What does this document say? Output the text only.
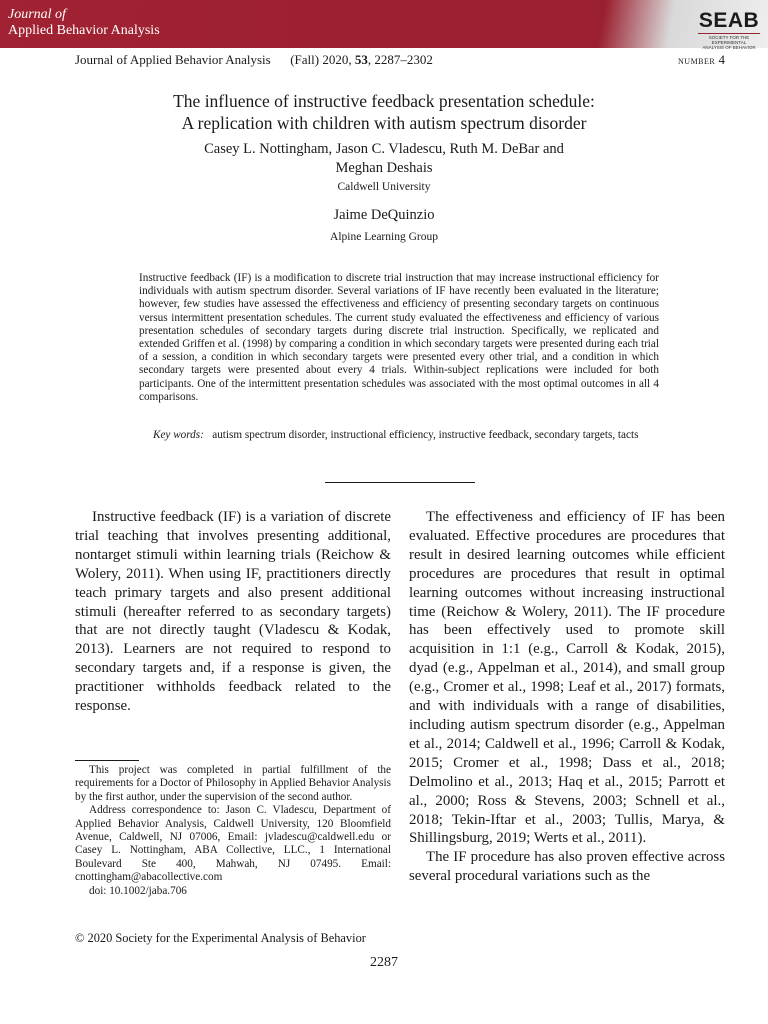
Journal of
Applied Behavior Analysis	SEAB
SOCIETY FOR THE EXPERIMENTAL
ANALYSIS OF BEHAVIOR
Journal of Applied Behavior Analysis (Fall) 2020, 53, 2287–2302	number 4
The influence of instructive feedback presentation schedule:
A replication with children with autism spectrum disorder
Casey L. Nottingham, Jason C. Vladescu, Ruth M. DeBar and
Meghan Deshais
Caldwell University
Jaime DeQuinzio
Alpine Learning Group
Instructive feedback (IF) is a modification to discrete trial instruction that may increase instructional efficiency for individuals with autism spectrum disorder. Several variations of IF have recently been evaluated in the literature; however, few studies have assessed the effectiveness and efficiency of presenting secondary targets on continuous versus intermittent presentation schedules. The current study evaluated the effectiveness and efficiency of various presentation schedules of secondary targets during discrete trial instruction. Specifically, we replicated and extended Griffen et al. (1998) by comparing a condition in which secondary targets were presented during each trial of a session, a condition in which secondary targets were presented every other trial, and a condition in which secondary targets were presented about every 4 trials. Within-subject replications were included for both participants. One of the intermittent presentation schedules was associated with the most optimal outcomes in all 4 comparisons.
Key words: autism spectrum disorder, instructional efficiency, instructive feedback, secondary targets, tacts

Instructive feedback (IF) is a variation of discrete trial teaching that involves presenting additional, nontarget stimuli within learning trials (Reichow & Wolery, 2011). When using IF, practitioners directly teach primary targets and also present additional stimuli (hereafter referred to as secondary targets) that are not directly taught (Vladescu & Kodak, 2013). Learners are not required to respond to secondary targets and, if a response is given, the practitioner withholds feedback related to the response.

The effectiveness and efficiency of IF has been evaluated. Effective procedures are procedures that result in desired learning outcomes while efficient procedures are procedures that result in optimal learning outcomes without increasing instructional time (Reichow & Wolery, 2011). The IF procedure has been effectively used to promote skill acquisition in 1:1 (e.g., Carroll & Kodak, 2015), dyad (e.g., Appelman et al., 2014), and small group (e.g., Cromer et al., 1998; Leaf et al., 2017) formats, and with individuals with a range of disabilities, including autism spectrum disorder (e.g., Appelman et al., 2014; Caldwell et al., 1996; Carroll & Kodak, 2015; Cromer et al., 1998; Dass et al., 2018; Delmolino et al., 2013; Haq et al., 2015; Parrott et al., 2000; Ross & Stevens, 2003; Schnell et al., 2018; Tekin-Iftar et al., 2003; Tullis, Marya, & Shillingsburg, 2019; Werts et al., 2011).

The IF procedure has also proven effective across several procedural variations such as the

This project was completed in partial fulfillment of the requirements for a Doctor of Philosophy in Applied Behavior Analysis by the first author, under the supervision of the second author.

Address correspondence to: Jason C. Vladescu, Department of Applied Behavior Analysis, Caldwell University, 120 Bloomfield Avenue, Caldwell, NJ 07006, Email: jvladescu@caldwell.edu or Casey L. Nottingham, ABA Collective, LLC., 1 International Boulevard Ste 400, Mahwah, NJ 07495. Email: cnottingham@abacollective.com

doi: 10.1002/jaba.706

© 2020 Society for the Experimental Analysis of Behavior
2287
